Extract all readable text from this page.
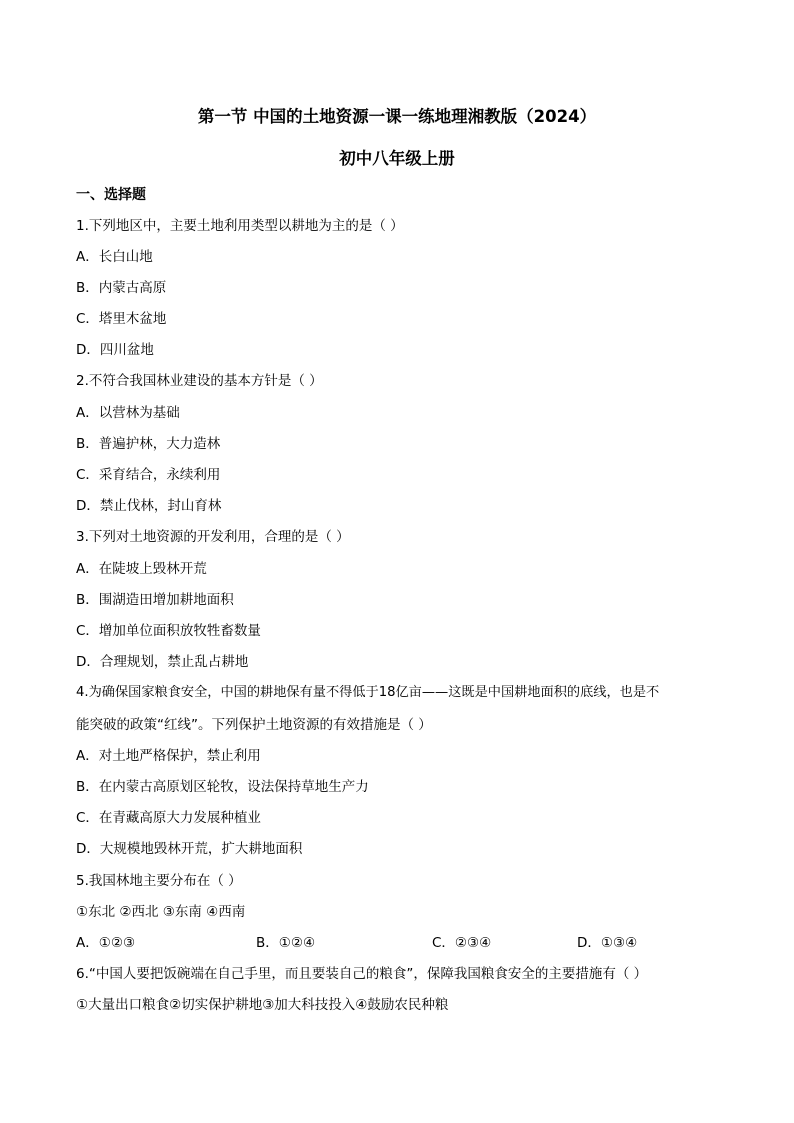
第一节 中国的土地资源一课一练地理湘教版（2024）
初中八年级上册
一、选择题
1.下列地区中，主要土地利用类型以耕地为主的是（ ）
A．长白山地
B．内蒙古高原
C．塔里木盆地
D．四川盆地
2.不符合我国林业建设的基本方针是（ ）
A．以营林为基础
B．普遍护林，大力造林
C．采育结合，永续利用
D．禁止伐林，封山育林
3.下列对土地资源的开发利用，合理的是（ ）
A．在陡坡上毁林开荒
B．围湖造田增加耕地面积
C．增加单位面积放牧牲畜数量
D．合理规划，禁止乱占耕地
4.为确保国家粮食安全，中国的耕地保有量不得低于18亿亩——这既是中国耕地面积的底线，也是不
能突破的政策“红线”。下列保护土地资源的有效措施是（ ）
A．对土地严格保护，禁止利用
B．在内蒙古高原划区轮牧，设法保持草地生产力
C．在青藏高原大力发展种植业
D．大规模地毁林开荒，扩大耕地面积
5.我国林地主要分布在（ ）
①东北 ②西北 ③东南 ④西南
A．①②③	B．①②④	C．②③④	D．①③④
6.“中国人要把饭碗端在自己手里，而且要装自己的粮食”，保障我国粮食安全的主要措施有（ ）
①大量出口粮食②切实保护耕地③加大科技投入④鼓励农民种粮
